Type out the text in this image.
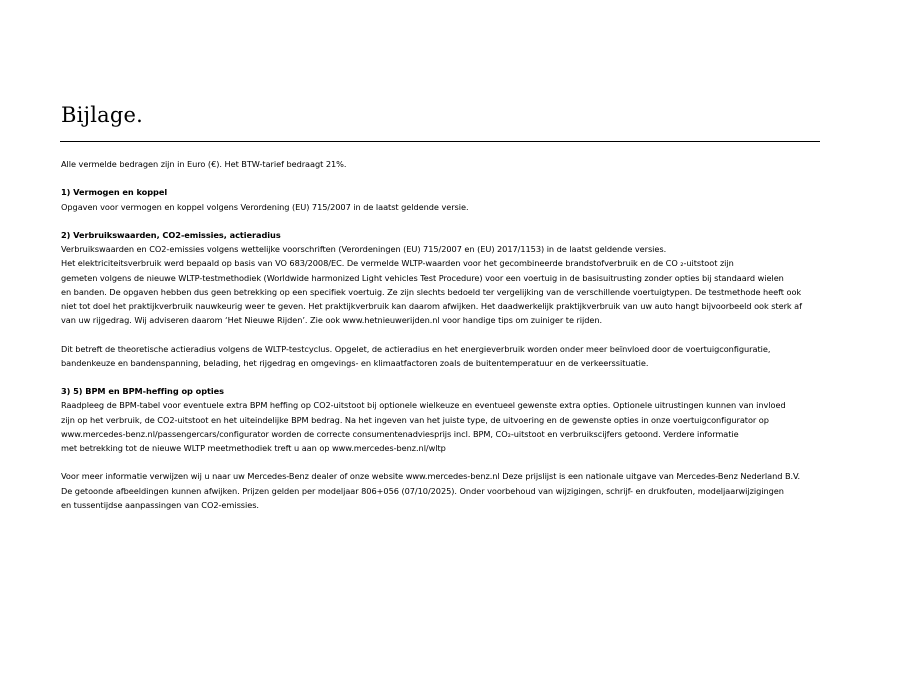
Bijlage.

Alle vermelde bedragen zijn in Euro (€). Het BTW-tarief bedraagt 21%.

1) Vermogen en koppel

Opgaven voor vermogen en koppel volgens Verordening (EU) 715/2007 in de laatst geldende versie.

2) Verbruikswaarden, CO2-emissies, actieradius

Verbruikswaarden en CO2-emissies volgens wettelijke voorschriften (Verordeningen (EU) 715/2007 en (EU) 2017/1153) in de laatst geldende versies.

Het elektriciteitsverbruik werd bepaald op basis van VO 683/2008/EC. De vermelde WLTP-waarden voor het gecombineerde brandstofverbruik en de CO ₂-uitstoot zijn

gemeten volgens de nieuwe WLTP-testmethodiek (Worldwide harmonized Light vehicles Test Procedure) voor een voertuig in de basisuitrusting zonder opties bij standaard wielen

en banden. De opgaven hebben dus geen betrekking op een specifiek voertuig. Ze zijn slechts bedoeld ter vergelijking van de verschillende voertuigtypen. De testmethode heeft ook

niet tot doel het praktijkverbruik nauwkeurig weer te geven. Het praktijkverbruik kan daarom afwijken. Het daadwerkelijk praktijkverbruik van uw auto hangt bijvoorbeeld ook sterk af

van uw rijgedrag. Wij adviseren daarom ‘Het Nieuwe Rijden’. Zie ook www.hetnieuwerijden.nl voor handige tips om zuiniger te rijden.

Dit betreft de theoretische actieradius volgens de WLTP-testcyclus. Opgelet, de actieradius en het energieverbruik worden onder meer beïnvloed door de voertuigconfiguratie,

bandenkeuze en bandenspanning, belading, het rijgedrag en omgevings- en klimaatfactoren zoals de buitentemperatuur en de verkeerssituatie.

3) 5) BPM en BPM-heffing op opties

Raadpleeg de BPM-tabel voor eventuele extra BPM heffing op CO2-uitstoot bij optionele wielkeuze en eventueel gewenste extra opties. Optionele uitrustingen kunnen van invloed

zijn op het verbruik, de CO2-uitstoot en het uiteindelijke BPM bedrag. Na het ingeven van het juiste type, de uitvoering en de gewenste opties in onze voertuigconfigurator op

www.mercedes-benz.nl/passengercars/configurator worden de correcte consumentenadviesprijs incl. BPM, CO₂-uitstoot en verbruikscijfers getoond. Verdere informatie

met betrekking tot de nieuwe WLTP meetmethodiek treft u aan op www.mercedes-benz.nl/wltp

Voor meer informatie verwijzen wij u naar uw Mercedes-Benz dealer of onze website www.mercedes-benz.nl Deze prijslijst is een nationale uitgave van Mercedes-Benz Nederland B.V.

De getoonde afbeeldingen kunnen afwijken. Prijzen gelden per modeljaar 806+056 (07/10/2025). Onder voorbehoud van wijzigingen, schrijf- en drukfouten, modeljaarwijzigingen

en tussentijdse aanpassingen van CO2-emissies.
